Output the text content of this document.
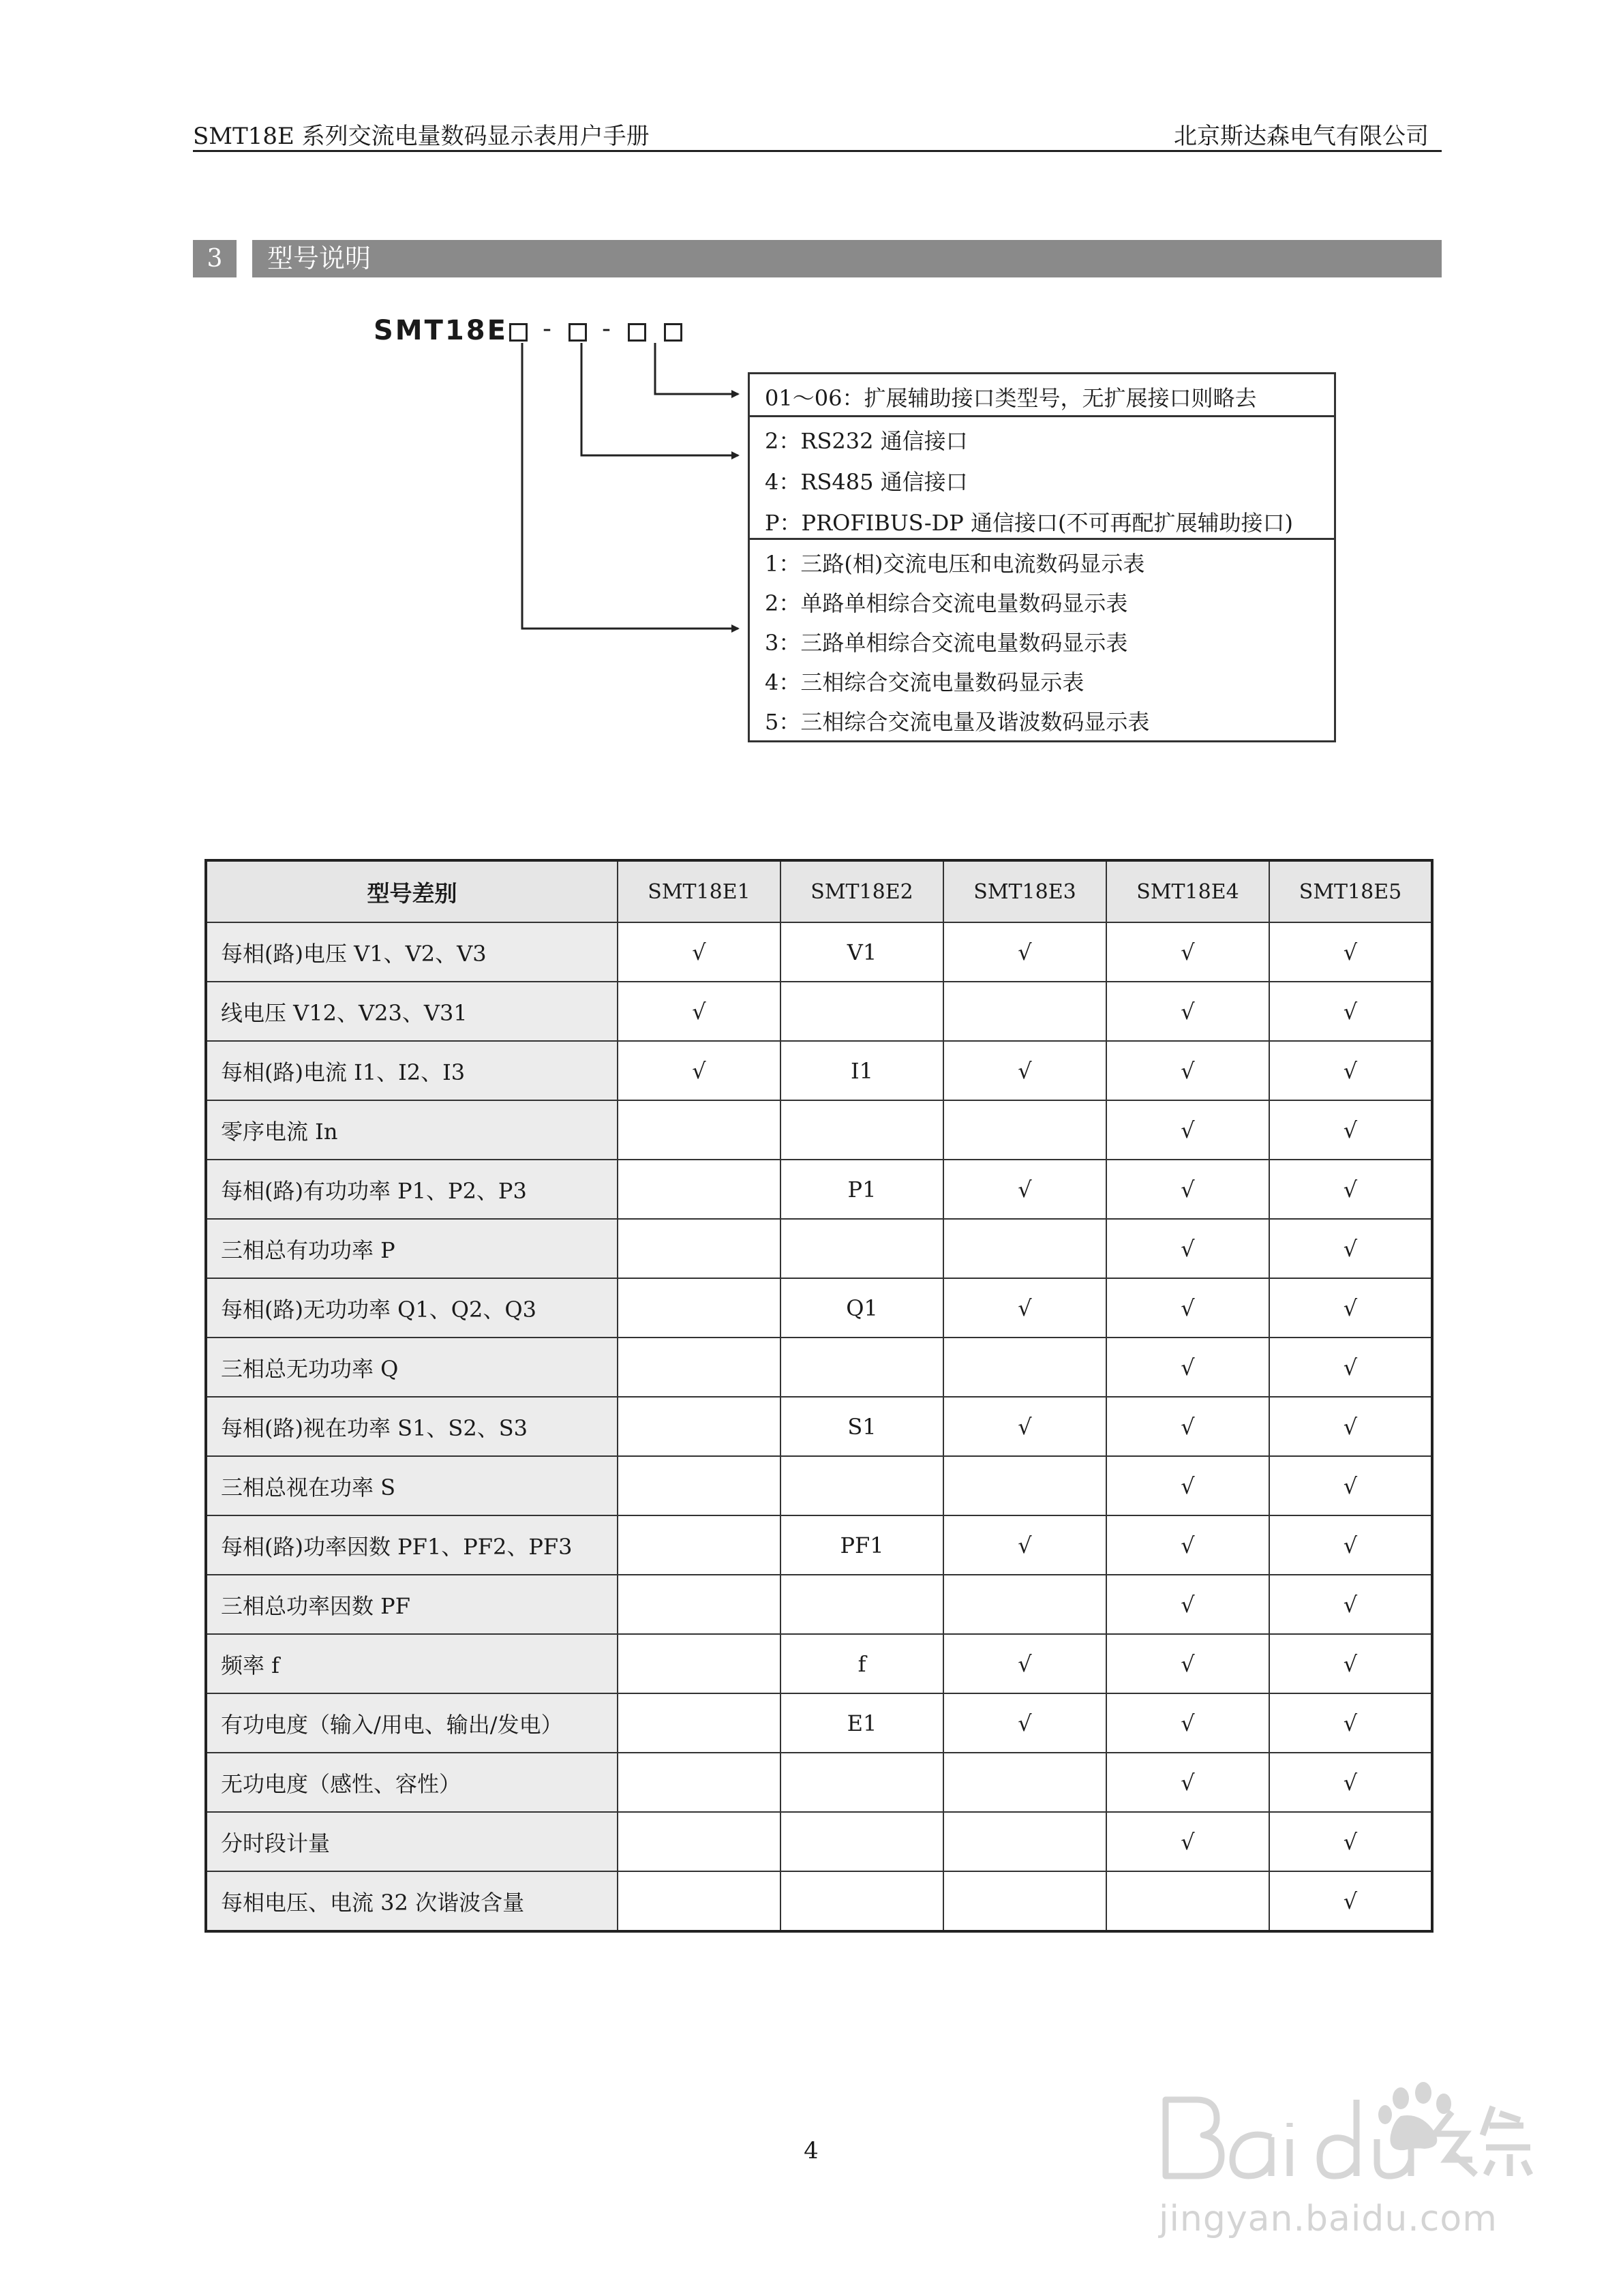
SMT18E 系列交流电量数码显示表用户手册	北京斯达森电气有限公司
3	型号说明
SMT18E - -
01～06：扩展辅助接口类型号，无扩展接口则略去
2：RS232 通信接口
4：RS485 通信接口
P：PROFIBUS-DP 通信接口(不可再配扩展辅助接口)
1：三路(相)交流电压和电流数码显示表
2：单路单相综合交流电量数码显示表
3：三路单相综合交流电量数码显示表
4：三相综合交流电量数码显示表
5：三相综合交流电量及谐波数码显示表
型号差别	SMT18E1	SMT18E2	SMT18E3	SMT18E4	SMT18E5
每相(路)电压 V1、V2、V3	√	V1	√	√	√
线电压 V12、V23、V31	√			√	√
每相(路)电流 I1、I2、I3	√	I1	√	√	√
零序电流 In				√	√
每相(路)有功功率 P1、P2、P3		P1	√	√	√
三相总有功功率 P				√	√
每相(路)无功功率 Q1、Q2、Q3		Q1	√	√	√
三相总无功功率 Q				√	√
每相(路)视在功率 S1、S2、S3		S1	√	√	√
三相总视在功率 S				√	√
每相(路)功率因数 PF1、PF2、PF3		PF1	√	√	√
三相总功率因数 PF				√	√
频率 f		f	√	√	√
有功电度（输入/用电、输出/发电）		E1	√	√	√
无功电度（感性、容性）				√	√
分时段计量				√	√
每相电压、电流 32 次谐波含量					√
4
jingyan.baidu.com
